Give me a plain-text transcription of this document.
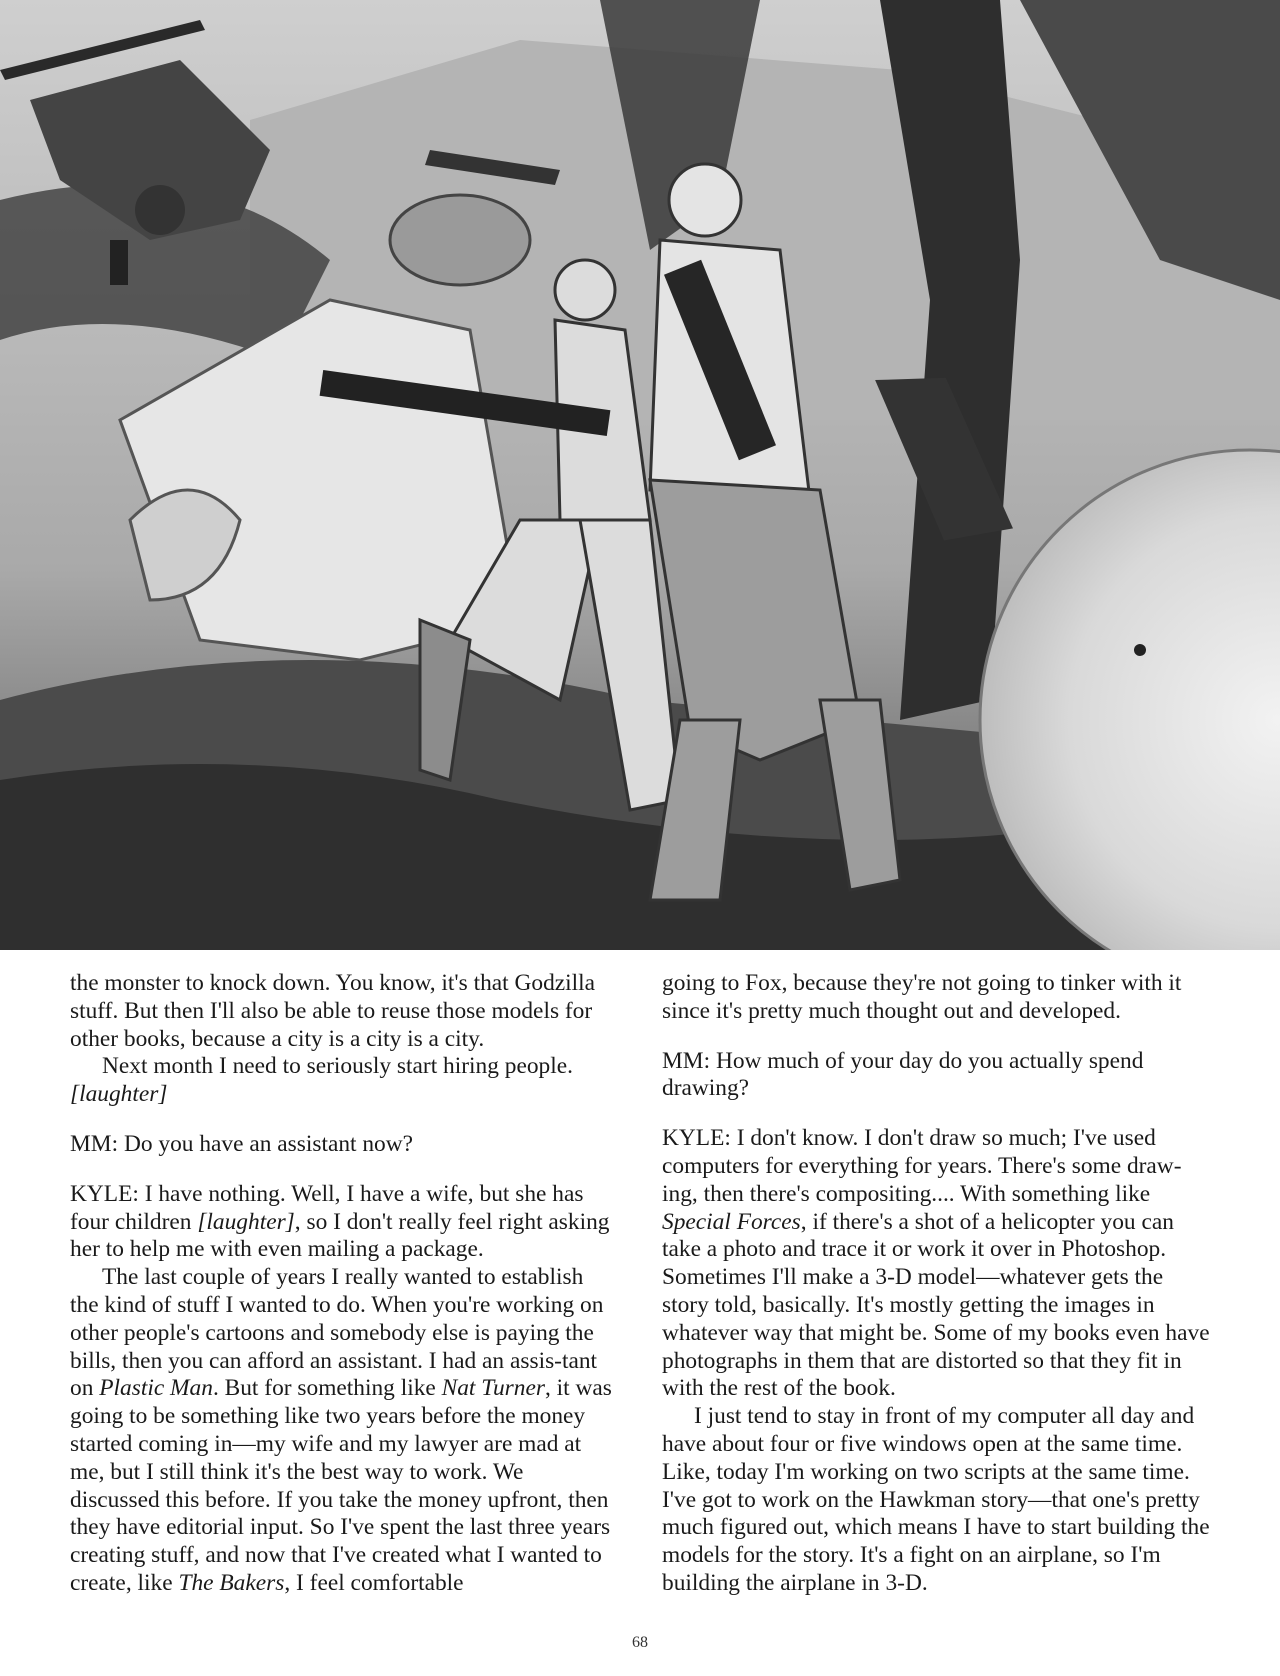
the monster to knock down. You know, it's that Godzilla stuff. But then I'll also be able to reuse those models for other books, because a city is a city is a city.

Next month I need to seriously start hiring people. [laughter]

MM: Do you have an assistant now?

KYLE: I have nothing. Well, I have a wife, but she has four children [laughter], so I don't really feel right asking her to help me with even mailing a package.

The last couple of years I really wanted to establish the kind of stuff I wanted to do. When you're working on other people's cartoons and somebody else is paying the bills, then you can afford an assistant. I had an assis-tant on Plastic Man. But for something like Nat Turner, it was going to be something like two years before the money started coming in—my wife and my lawyer are mad at me, but I still think it's the best way to work. We discussed this before. If you take the money upfront, then they have editorial input. So I've spent the last three years creating stuff, and now that I've created what I wanted to create, like The Bakers, I feel comfortable

going to Fox, because they're not going to tinker with it since it's pretty much thought out and developed.

MM: How much of your day do you actually spend drawing?

KYLE: I don't know. I don't draw so much; I've used computers for everything for years. There's some draw-ing, then there's compositing.... With something like Special Forces, if there's a shot of a helicopter you can take a photo and trace it or work it over in Photoshop. Sometimes I'll make a 3-D model—whatever gets the story told, basically. It's mostly getting the images in whatever way that might be. Some of my books even have photographs in them that are distorted so that they fit in with the rest of the book.

I just tend to stay in front of my computer all day and have about four or five windows open at the same time. Like, today I'm working on two scripts at the same time. I've got to work on the Hawkman story—that one's pretty much figured out, which means I have to start building the models for the story. It's a fight on an airplane, so I'm building the airplane in 3-D.

68
